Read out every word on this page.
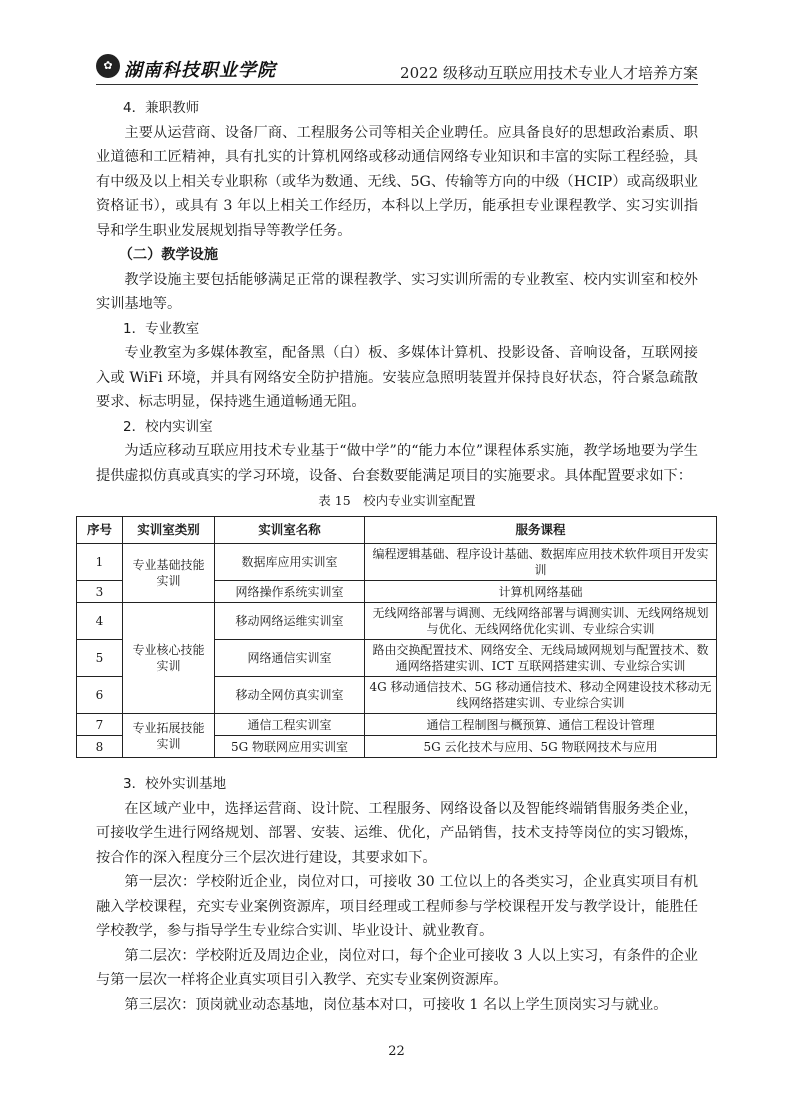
✿ 湖南科技职业学院	2022 级移动互联应用技术专业人才培养方案

4．兼职教师

主要从运营商、设备厂商、工程服务公司等相关企业聘任。应具备良好的思想政治素质、职业道德和工匠精神，具有扎实的计算机网络或移动通信网络专业知识和丰富的实际工程经验，具有中级及以上相关专业职称（或华为数通、无线、5G、传输等方向的中级（HCIP）或高级职业资格证书），或具有 3 年以上相关工作经历，本科以上学历，能承担专业课程教学、实习实训指导和学生职业发展规划指导等教学任务。

（二）教学设施

教学设施主要包括能够满足正常的课程教学、实习实训所需的专业教室、校内实训室和校外实训基地等。

1．专业教室

专业教室为多媒体教室，配备黑（白）板、多媒体计算机、投影设备、音响设备，互联网接入或 WiFi 环境，并具有网络安全防护措施。安装应急照明装置并保持良好状态，符合紧急疏散要求、标志明显，保持逃生通道畅通无阻。

2．校内实训室

为适应移动互联应用技术专业基于“做中学”的“能力本位”课程体系实施，教学场地要为学生提供虚拟仿真或真实的学习环境，设备、台套数要能满足项目的实施要求。具体配置要求如下：

表 15　校内专业实训室配置
序号	实训室类别	实训室名称	服务课程
1	专业基础技能实训	数据库应用实训室	编程逻辑基础、程序设计基础、数据库应用技术软件项目开发实训
3		网络操作系统实训室	计算机网络基础
4	专业核心技能实训	移动网络运维实训室	无线网络部署与调测、无线网络部署与调测实训、无线网络规划与优化、无线网络优化实训、专业综合实训
5		网络通信实训室	路由交换配置技术、网络安全、无线局域网规划与配置技术、数通网络搭建实训、ICT 互联网搭建实训、专业综合实训
6		移动全网仿真实训室	4G 移动通信技术、5G 移动通信技术、移动全网建设技术移动无线网络搭建实训、专业综合实训
7	专业拓展技能实训	通信工程实训室	通信工程制图与概预算、通信工程设计管理
8		5G 物联网应用实训室	5G 云化技术与应用、5G 物联网技术与应用

3．校外实训基地

在区域产业中，选择运营商、设计院、工程服务、网络设备以及智能终端销售服务类企业，可接收学生进行网络规划、部署、安装、运维、优化，产品销售，技术支持等岗位的实习锻炼，按合作的深入程度分三个层次进行建设，其要求如下。

第一层次：学校附近企业，岗位对口，可接收 30 工位以上的各类实习，企业真实项目有机融入学校课程，充实专业案例资源库，项目经理或工程师参与学校课程开发与教学设计，能胜任学校教学，参与指导学生专业综合实训、毕业设计、就业教育。

第二层次：学校附近及周边企业，岗位对口，每个企业可接收 3 人以上实习，有条件的企业与第一层次一样将企业真实项目引入教学、充实专业案例资源库。

第三层次：顶岗就业动态基地，岗位基本对口，可接收 1 名以上学生顶岗实习与就业。

22
